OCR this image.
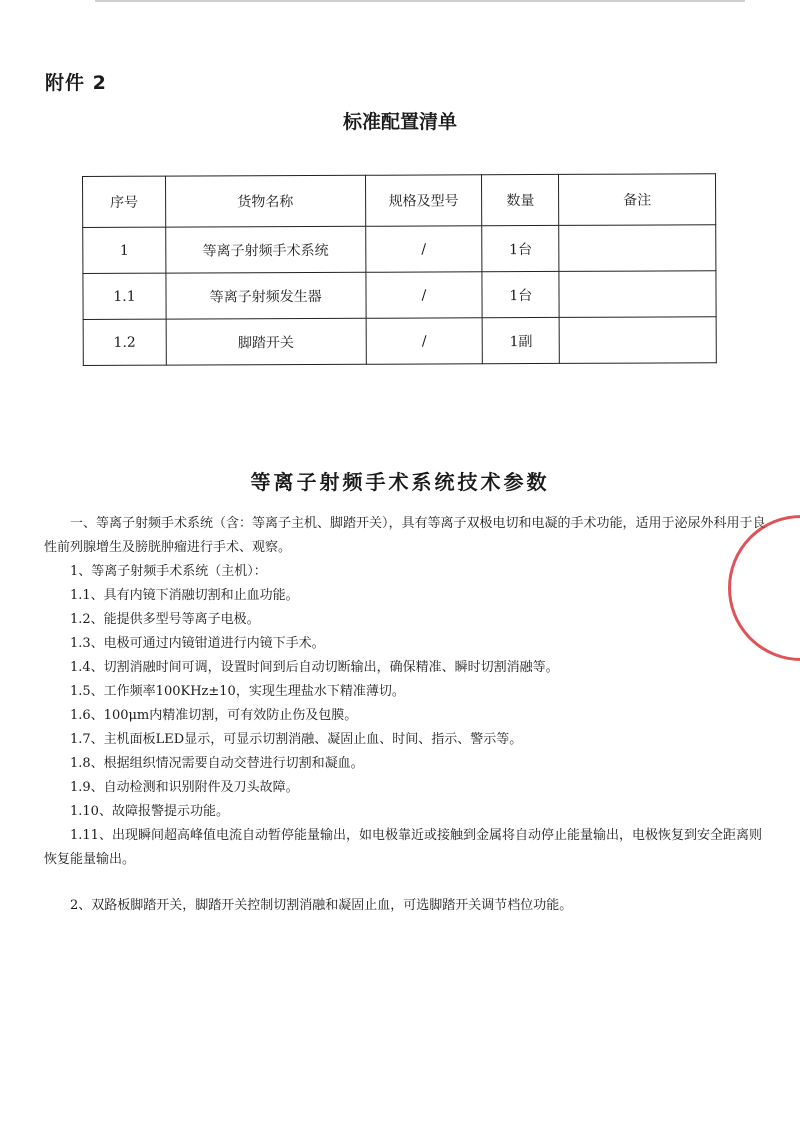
附件 2
标准配置清单
序号	货物名称	规格及型号	数量	备注
1	等离子射频手术系统	/	1台	
1.1	等离子射频发生器	/	1台	
1.2	脚踏开关	/	1副	
等离子射频手术系统技术参数

一、等离子射频手术系统（含：等离子主机、脚踏开关），具有等离子双极电切和电凝的手术功能，适用于泌尿外科用于良性前列腺增生及膀胱肿瘤进行手术、观察。

1、等离子射频手术系统（主机）：

1.1、具有内镜下消融切割和止血功能。

1.2、能提供多型号等离子电极。

1.3、电极可通过内镜钳道进行内镜下手术。

1.4、切割消融时间可调，设置时间到后自动切断输出，确保精准、瞬时切割消融等。

1.5、工作频率100KHz±10，实现生理盐水下精准薄切。

1.6、100μm内精准切割，可有效防止伤及包膜。

1.7、主机面板LED显示，可显示切割消融、凝固止血、时间、指示、警示等。

1.8、根据组织情况需要自动交替进行切割和凝血。

1.9、自动检测和识别附件及刀头故障。

1.10、故障报警提示功能。

1.11、出现瞬间超高峰值电流自动暂停能量输出，如电极靠近或接触到金属将自动停止能量输出，电极恢复到安全距离则恢复能量输出。

2、双路板脚踏开关，脚踏开关控制切割消融和凝固止血，可选脚踏开关调节档位功能。
